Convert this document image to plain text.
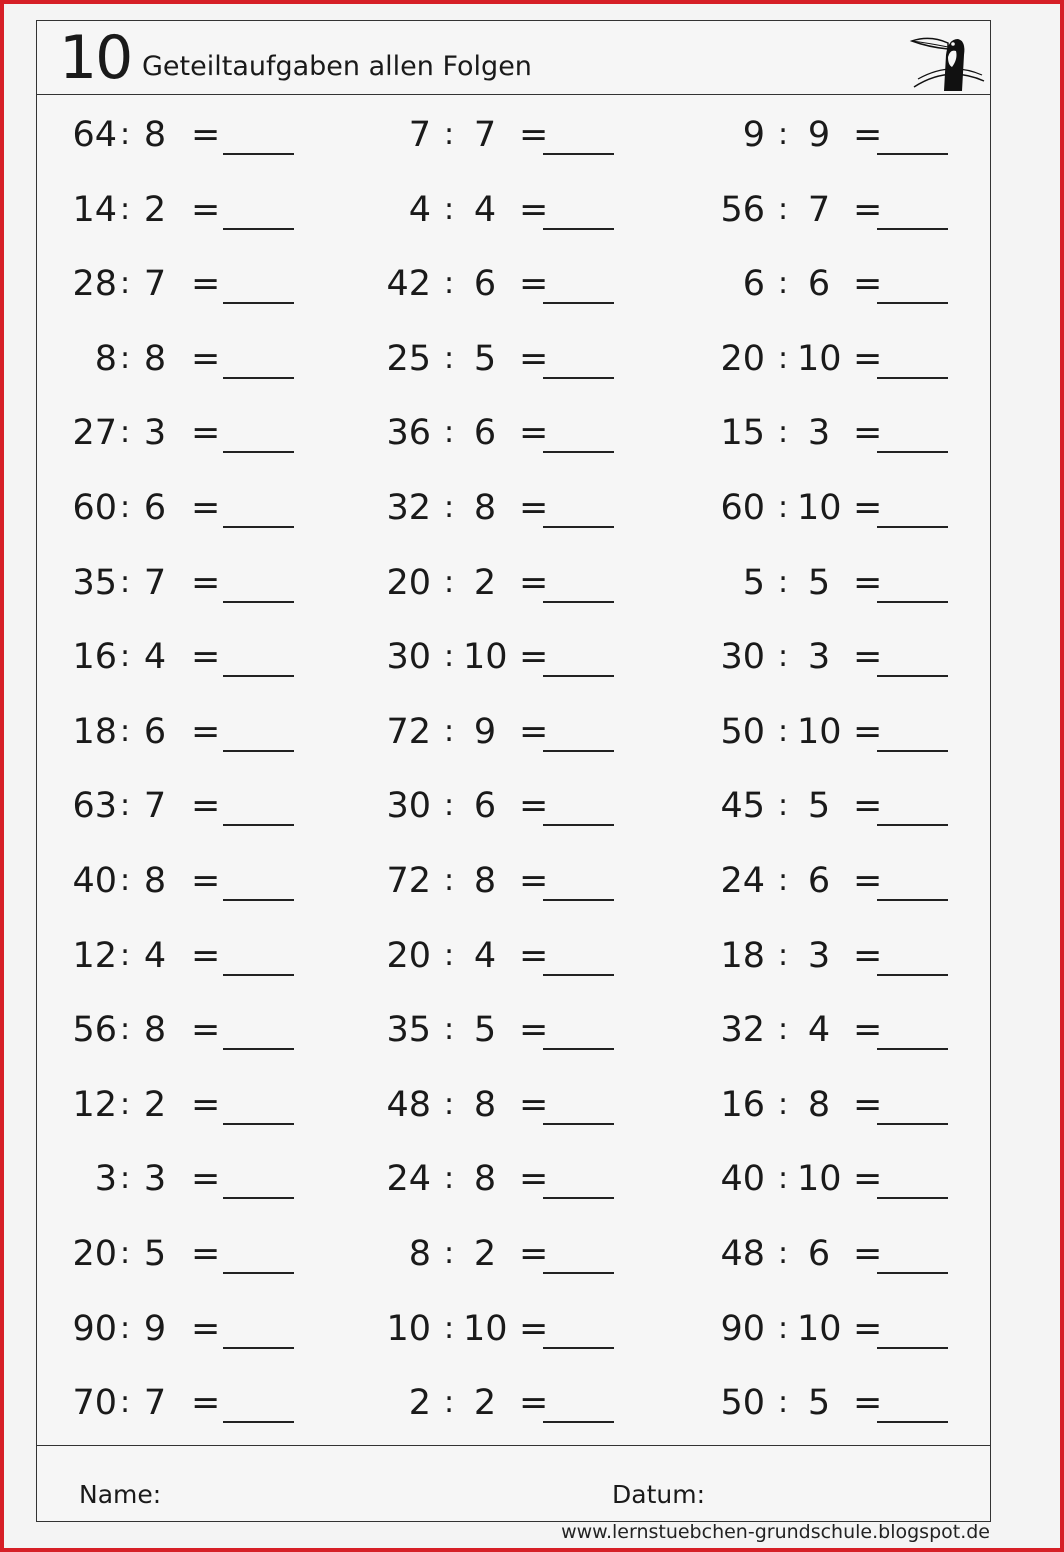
10 Geteiltaufgaben allen Folgen
64 : 8 =
14 : 2 =
28 : 7 =
8 : 8 =
27 : 3 =
60 : 6 =
35 : 7 =
16 : 4 =
18 : 6 =
63 : 7 =
40 : 8 =
12 : 4 =
56 : 8 =
12 : 2 =
3 : 3 =
20 : 5 =
90 : 9 =
70 : 7 =
7 : 7 =
4 : 4 =
42 : 6 =
25 : 5 =
36 : 6 =
32 : 8 =
20 : 2 =
30 : 10 =
72 : 9 =
30 : 6 =
72 : 8 =
20 : 4 =
35 : 5 =
48 : 8 =
24 : 8 =
8 : 2 =
10 : 10 =
2 : 2 =
9 : 9 =
56 : 7 =
6 : 6 =
20 : 10 =
15 : 3 =
60 : 10 =
5 : 5 =
30 : 3 =
50 : 10 =
45 : 5 =
24 : 6 =
18 : 3 =
32 : 4 =
16 : 8 =
40 : 10 =
48 : 6 =
90 : 10 =
50 : 5 =
Name:	Datum:
www.lernstuebchen-grundschule.blogspot.de
